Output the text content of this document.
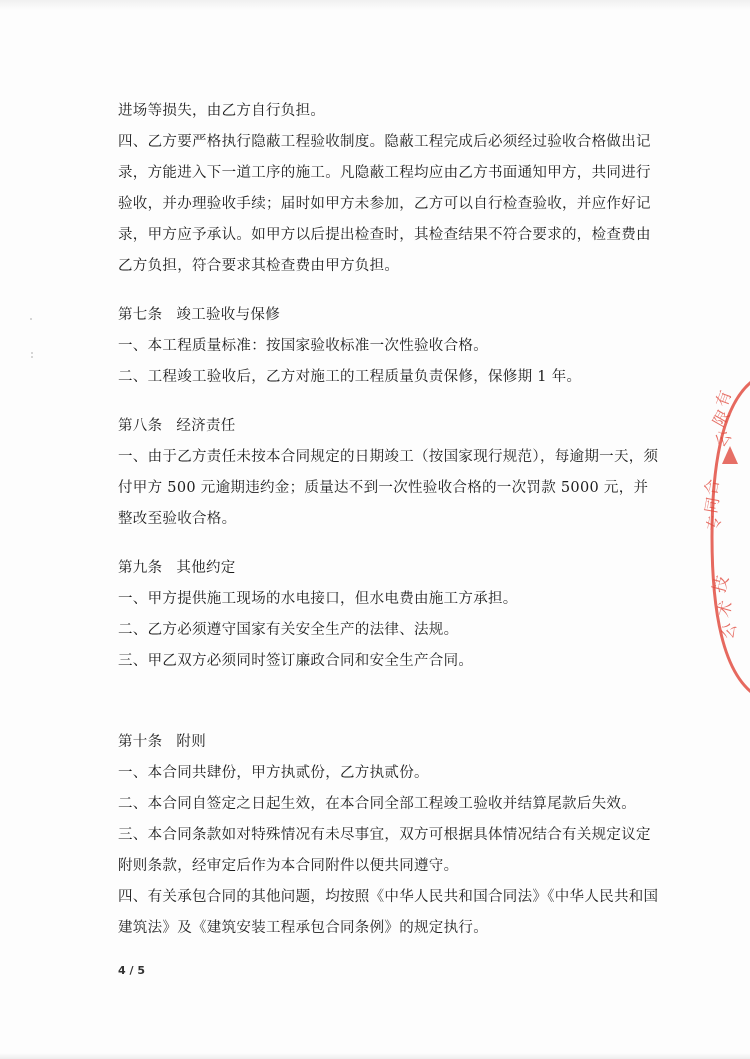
进场等损失，由乙方自行负担。

四、乙方要严格执行隐蔽工程验收制度。隐蔽工程完成后必须经过验收合格做出记录，方能进入下一道工序的施工。凡隐蔽工程均应由乙方书面通知甲方，共同进行验收，并办理验收手续；届时如甲方未参加，乙方可以自行检查验收，并应作好记录，甲方应予承认。如甲方以后提出检查时，其检查结果不符合要求的，检查费由乙方负担，符合要求其检查费由甲方负担。

第七条 竣工验收与保修

一、本工程质量标准：按国家验收标准一次性验收合格。

二、工程竣工验收后，乙方对施工的工程质量负责保修，保修期 1 年。

第八条 经济责任

一、由于乙方责任未按本合同规定的日期竣工（按国家现行规范），每逾期一天，须付甲方 500 元逾期违约金；质量达不到一次性验收合格的一次罚款 5000 元，并整改至验收合格。

第九条 其他约定

一、甲方提供施工现场的水电接口，但水电费由施工方承担。

二、乙方必须遵守国家有关安全生产的法律、法规。

三、甲乙双方必须同时签订廉政合同和安全生产合同。

第十条 附则

一、本合同共肆份，甲方执贰份，乙方执贰份。

二、本合同自签定之日起生效，在本合同全部工程竣工验收并结算尾款后失效。

三、本合同条款如对特殊情况有未尽事宜，双方可根据具体情况结合有关规定议定附则条款，经审定后作为本合同附件以便共同遵守。

四、有关承包合同的其他问题，均按照《中华人民共和国合同法》《中华人民共和国建筑法》及《建筑安装工程承包合同条例》的规定执行。

4 / 5
有
限
公
合
同
专
技
术
公
